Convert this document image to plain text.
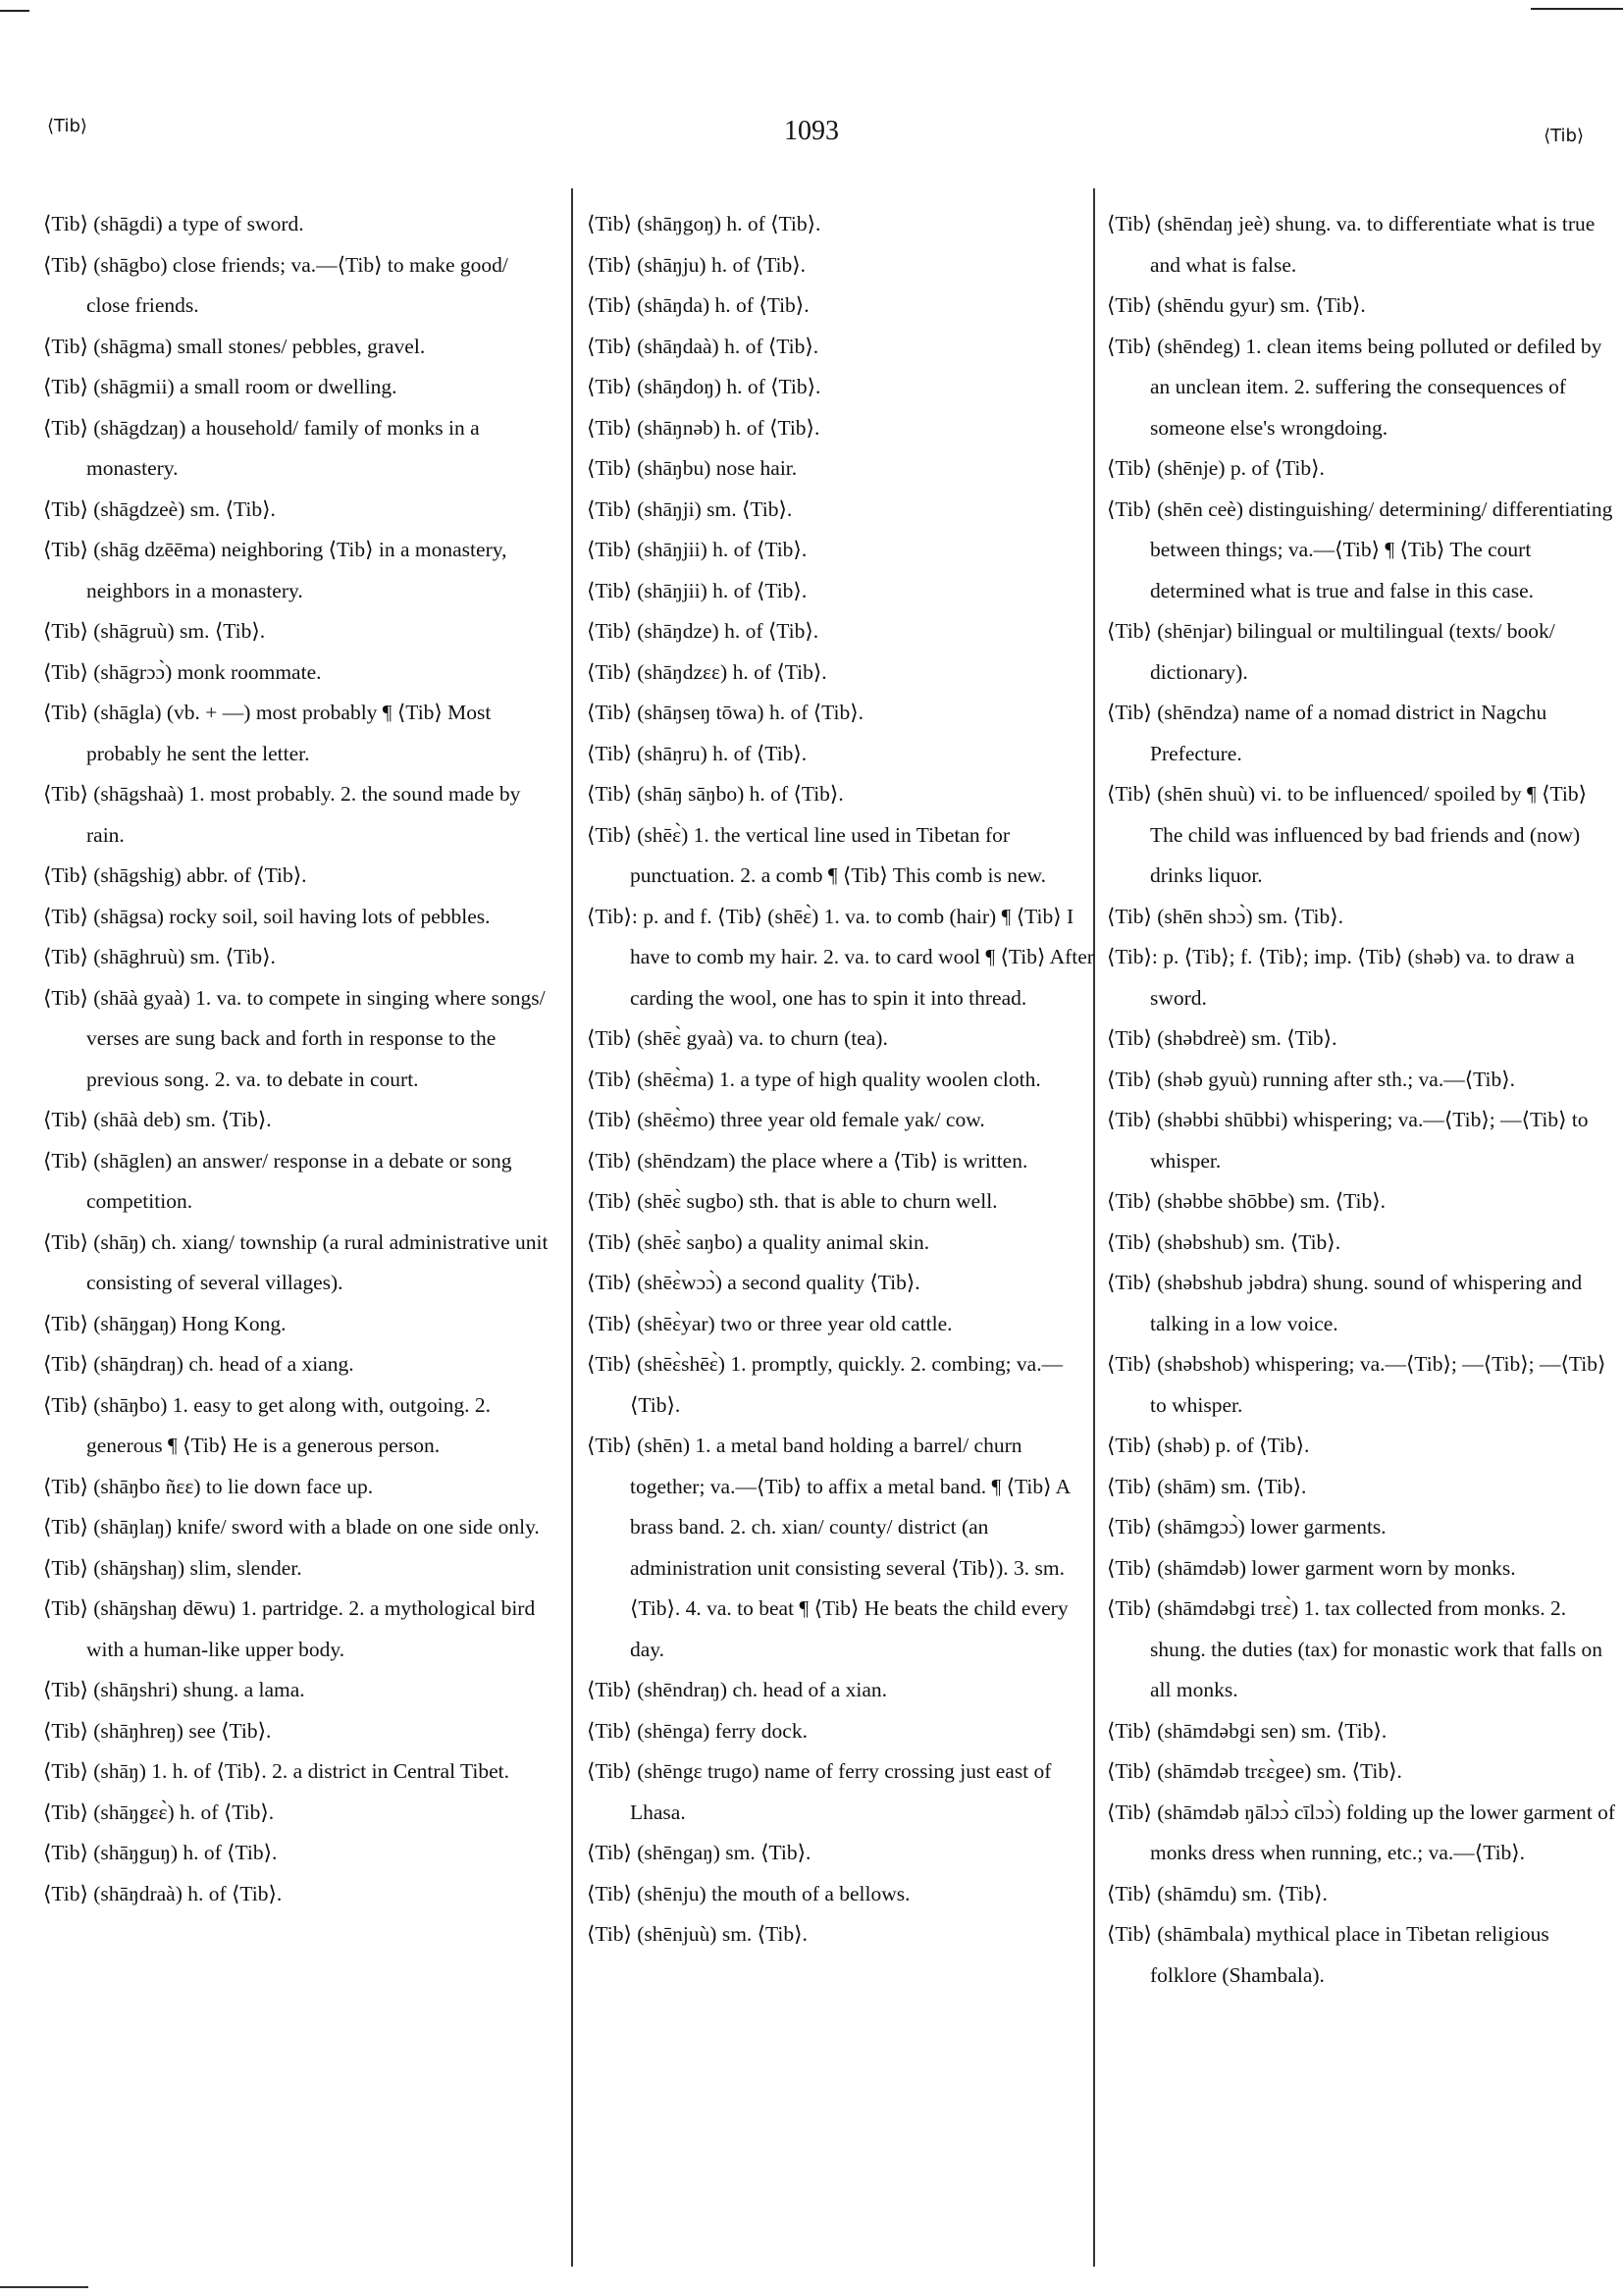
⟨Tib⟩	1093	⟨Tib⟩

⟨Tib⟩ (shāgdi) a type of sword.

⟨Tib⟩ (shāgbo) close friends; va.—⟨Tib⟩ to make good/ close friends.

⟨Tib⟩ (shāgma) small stones/ pebbles, gravel.

⟨Tib⟩ (shāgmii) a small room or dwelling.

⟨Tib⟩ (shāgdzaŋ) a household/ family of monks in a monastery.

⟨Tib⟩ (shāgdzeè) sm. ⟨Tib⟩.

⟨Tib⟩ (shāg dzēēma) neighboring ⟨Tib⟩ in a monastery, neighbors in a monastery.

⟨Tib⟩ (shāgruù) sm. ⟨Tib⟩.

⟨Tib⟩ (shāgrɔɔ̀) monk roommate.

⟨Tib⟩ (shāgla) (vb. + —) most probably ¶ ⟨Tib⟩ Most probably he sent the letter.

⟨Tib⟩ (shāgshaà) 1. most probably. 2. the sound made by rain.

⟨Tib⟩ (shāgshig) abbr. of ⟨Tib⟩.

⟨Tib⟩ (shāgsa) rocky soil, soil having lots of pebbles.

⟨Tib⟩ (shāghruù) sm. ⟨Tib⟩.

⟨Tib⟩ (shāà gyaà) 1. va. to compete in singing where songs/ verses are sung back and forth in response to the previous song. 2. va. to debate in court.

⟨Tib⟩ (shāà deb) sm. ⟨Tib⟩.

⟨Tib⟩ (shāglen) an answer/ response in a debate or song competition.

⟨Tib⟩ (shāŋ) ch. xiang/ township (a rural administrative unit consisting of several villages).

⟨Tib⟩ (shāŋgaŋ) Hong Kong.

⟨Tib⟩ (shāŋdraŋ) ch. head of a xiang.

⟨Tib⟩ (shāŋbo) 1. easy to get along with, outgoing. 2. generous ¶ ⟨Tib⟩ He is a generous person.

⟨Tib⟩ (shāŋbo ñɛɛ) to lie down face up.

⟨Tib⟩ (shāŋlaŋ) knife/ sword with a blade on one side only.

⟨Tib⟩ (shāŋshaŋ) slim, slender.

⟨Tib⟩ (shāŋshaŋ dēwu) 1. partridge. 2. a mythological bird with a human-like upper body.

⟨Tib⟩ (shāŋshri) shung. a lama.

⟨Tib⟩ (shāŋhreŋ) see ⟨Tib⟩.

⟨Tib⟩ (shāŋ) 1. h. of ⟨Tib⟩. 2. a district in Central Tibet.

⟨Tib⟩ (shāŋgɛɛ̀) h. of ⟨Tib⟩.

⟨Tib⟩ (shāŋguŋ) h. of ⟨Tib⟩.

⟨Tib⟩ (shāŋdraà) h. of ⟨Tib⟩.

⟨Tib⟩ (shāŋgoŋ) h. of ⟨Tib⟩.

⟨Tib⟩ (shāŋju) h. of ⟨Tib⟩.

⟨Tib⟩ (shāŋda) h. of ⟨Tib⟩.

⟨Tib⟩ (shāŋdaà) h. of ⟨Tib⟩.

⟨Tib⟩ (shāŋdoŋ) h. of ⟨Tib⟩.

⟨Tib⟩ (shāŋnəb) h. of ⟨Tib⟩.

⟨Tib⟩ (shāŋbu) nose hair.

⟨Tib⟩ (shāŋji) sm. ⟨Tib⟩.

⟨Tib⟩ (shāŋjii) h. of ⟨Tib⟩.

⟨Tib⟩ (shāŋjii) h. of ⟨Tib⟩.

⟨Tib⟩ (shāŋdze) h. of ⟨Tib⟩.

⟨Tib⟩ (shāŋdzɛɛ) h. of ⟨Tib⟩.

⟨Tib⟩ (shāŋseŋ tōwa) h. of ⟨Tib⟩.

⟨Tib⟩ (shāŋru) h. of ⟨Tib⟩.

⟨Tib⟩ (shāŋ sāŋbo) h. of ⟨Tib⟩.

⟨Tib⟩ (shēɛ̀) 1. the vertical line used in Tibetan for punctuation. 2. a comb ¶ ⟨Tib⟩ This comb is new.

⟨Tib⟩: p. and f. ⟨Tib⟩ (shēɛ̀) 1. va. to comb (hair) ¶ ⟨Tib⟩ I have to comb my hair. 2. va. to card wool ¶ ⟨Tib⟩ After carding the wool, one has to spin it into thread.

⟨Tib⟩ (shēɛ̀ gyaà) va. to churn (tea).

⟨Tib⟩ (shēɛ̀ma) 1. a type of high quality woolen cloth.

⟨Tib⟩ (shēɛ̀mo) three year old female yak/ cow.

⟨Tib⟩ (shēndzam) the place where a ⟨Tib⟩ is written.

⟨Tib⟩ (shēɛ̀ sugbo) sth. that is able to churn well.

⟨Tib⟩ (shēɛ̀ saŋbo) a quality animal skin.

⟨Tib⟩ (shēɛ̀wɔɔ̀) a second quality ⟨Tib⟩.

⟨Tib⟩ (shēɛ̀yar) two or three year old cattle.

⟨Tib⟩ (shēɛ̀shēɛ̀) 1. promptly, quickly. 2. combing; va.—⟨Tib⟩.

⟨Tib⟩ (shēn) 1. a metal band holding a barrel/ churn together; va.—⟨Tib⟩ to affix a metal band. ¶ ⟨Tib⟩ A brass band. 2. ch. xian/ county/ district (an administration unit consisting several ⟨Tib⟩). 3. sm. ⟨Tib⟩. 4. va. to beat ¶ ⟨Tib⟩ He beats the child every day.

⟨Tib⟩ (shēndraŋ) ch. head of a xian.

⟨Tib⟩ (shēnga) ferry dock.

⟨Tib⟩ (shēngɛ trugo) name of ferry crossing just east of Lhasa.

⟨Tib⟩ (shēngaŋ) sm. ⟨Tib⟩.

⟨Tib⟩ (shēnju) the mouth of a bellows.

⟨Tib⟩ (shēnjuù) sm. ⟨Tib⟩.

⟨Tib⟩ (shēndaŋ jeè) shung. va. to differentiate what is true and what is false.

⟨Tib⟩ (shēndu gyur) sm. ⟨Tib⟩.

⟨Tib⟩ (shēndeg) 1. clean items being polluted or defiled by an unclean item. 2. suffering the consequences of someone else's wrongdoing.

⟨Tib⟩ (shēnje) p. of ⟨Tib⟩.

⟨Tib⟩ (shēn ceè) distinguishing/ determining/ differentiating between things; va.—⟨Tib⟩ ¶ ⟨Tib⟩ The court determined what is true and false in this case.

⟨Tib⟩ (shēnjar) bilingual or multilingual (texts/ book/ dictionary).

⟨Tib⟩ (shēndza) name of a nomad district in Nagchu Prefecture.

⟨Tib⟩ (shēn shuù) vi. to be influenced/ spoiled by ¶ ⟨Tib⟩ The child was influenced by bad friends and (now) drinks liquor.

⟨Tib⟩ (shēn shɔɔ̀) sm. ⟨Tib⟩.

⟨Tib⟩: p. ⟨Tib⟩; f. ⟨Tib⟩; imp. ⟨Tib⟩ (shəb) va. to draw a sword.

⟨Tib⟩ (shəbdreè) sm. ⟨Tib⟩.

⟨Tib⟩ (shəb gyuù) running after sth.; va.—⟨Tib⟩.

⟨Tib⟩ (shəbbi shūbbi) whispering; va.—⟨Tib⟩; —⟨Tib⟩ to whisper.

⟨Tib⟩ (shəbbe shōbbe) sm. ⟨Tib⟩.

⟨Tib⟩ (shəbshub) sm. ⟨Tib⟩.

⟨Tib⟩ (shəbshub jəbdra) shung. sound of whispering and talking in a low voice.

⟨Tib⟩ (shəbshob) whispering; va.—⟨Tib⟩; —⟨Tib⟩; —⟨Tib⟩ to whisper.

⟨Tib⟩ (shəb) p. of ⟨Tib⟩.

⟨Tib⟩ (shām) sm. ⟨Tib⟩.

⟨Tib⟩ (shāmgɔɔ̀) lower garments.

⟨Tib⟩ (shāmdəb) lower garment worn by monks.

⟨Tib⟩ (shāmdəbgi trɛɛ̀) 1. tax collected from monks. 2. shung. the duties (tax) for monastic work that falls on all monks.

⟨Tib⟩ (shāmdəbgi sen) sm. ⟨Tib⟩.

⟨Tib⟩ (shāmdəb trɛɛ̀gee) sm. ⟨Tib⟩.

⟨Tib⟩ (shāmdəb ŋālɔɔ̀ cīlɔɔ̀) folding up the lower garment of monks dress when running, etc.; va.—⟨Tib⟩.

⟨Tib⟩ (shāmdu) sm. ⟨Tib⟩.

⟨Tib⟩ (shāmbala) mythical place in Tibetan religious folklore (Shambala).
